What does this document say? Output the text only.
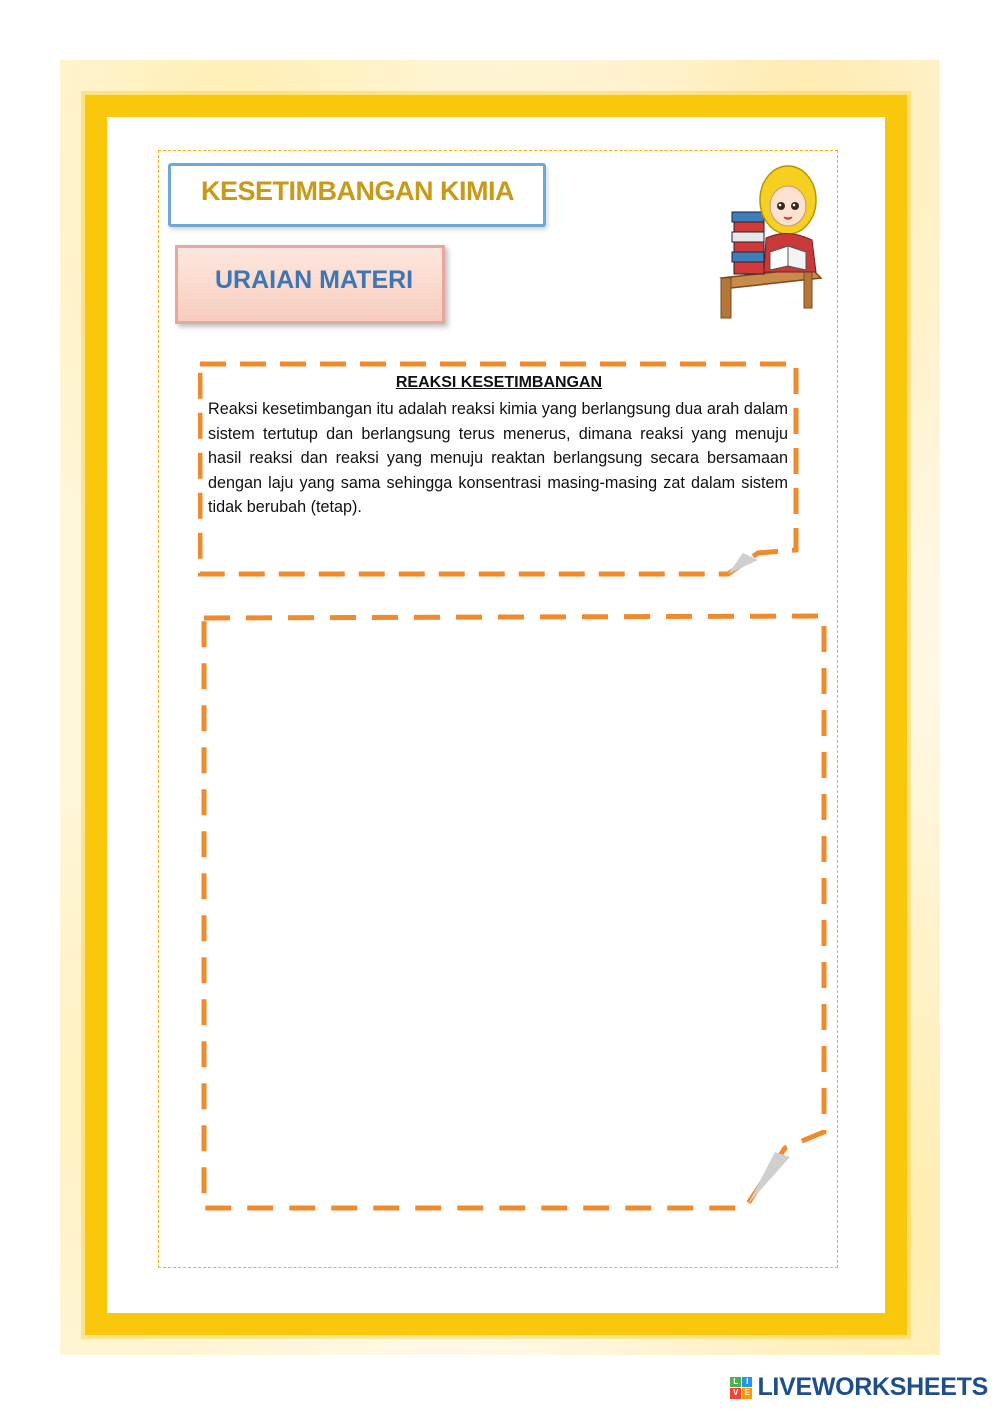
KESETIMBANGAN KIMIA
URAIAN MATERI
REAKSI KESETIMBANGAN
Reaksi kesetimbangan itu adalah reaksi kimia yang berlangsung dua arah dalam sistem tertutup dan berlangsung terus menerus, dimana reaksi yang menuju hasil reaksi dan reaksi yang menuju reaktan berlangsung secara bersamaan dengan laju yang sama sehingga konsentrasi masing-masing zat dalam sistem tidak berubah (tetap).
L I
V E LIVEWORKSHEETS
